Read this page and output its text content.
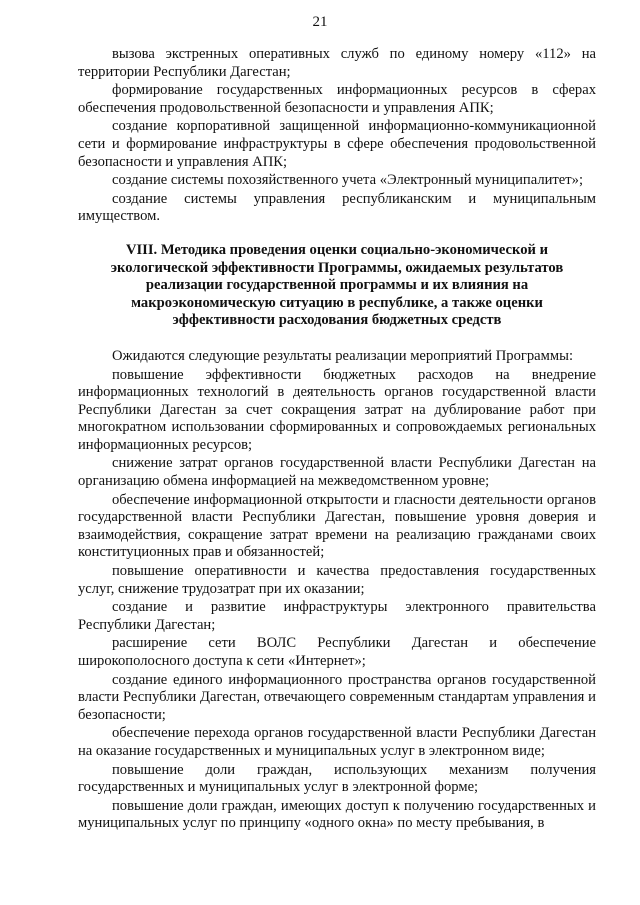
21

вызова экстренных оперативных служб по единому номеру «112» на территории Республики Дагестан;

формирование государственных информационных ресурсов в сферах обеспечения продовольственной безопасности и управления АПК;

создание корпоративной защищенной информационно-коммуникационной сети и формирование инфраструктуры в сфере обеспечения продовольственной безопасности и управления АПК;

создание системы похозяйственного учета «Электронный муниципалитет»;

создание системы управления республиканским и муниципальным имуществом.

VIII. Методика проведения оценки социально-экономической и экологической эффективности Программы, ожидаемых результатов реализации государственной программы и их влияния на макроэкономическую ситуацию в республике, а также оценки эффективности расходования бюджетных средств

Ожидаются следующие результаты реализации мероприятий Программы:

повышение эффективности бюджетных расходов на внедрение информационных технологий в деятельность органов государственной власти Республики Дагестан за счет сокращения затрат на дублирование работ при многократном использовании сформированных и сопровождаемых региональных информационных ресурсов;

снижение затрат органов государственной власти Республики Дагестан на организацию обмена информацией на межведомственном уровне;

обеспечение информационной открытости и гласности деятельности органов государственной власти Республики Дагестан, повышение уровня доверия и взаимодействия, сокращение затрат времени на реализацию гражданами своих конституционных прав и обязанностей;

повышение оперативности и качества предоставления государственных услуг, снижение трудозатрат при их оказании;

создание и развитие инфраструктуры электронного правительства Республики Дагестан;

расширение сети ВОЛС Республики Дагестан и обеспечение широкополосного доступа к сети «Интернет»;

создание единого информационного пространства органов государственной власти Республики Дагестан, отвечающего современным стандартам управления и безопасности;

обеспечение перехода органов государственной власти Республики Дагестан на оказание государственных и муниципальных услуг в электронном виде;

повышение доли граждан, использующих механизм получения государственных и муниципальных услуг в электронной форме;

повышение доли граждан, имеющих доступ к получению государственных и муниципальных услуг по принципу «одного окна» по месту пребывания, в
